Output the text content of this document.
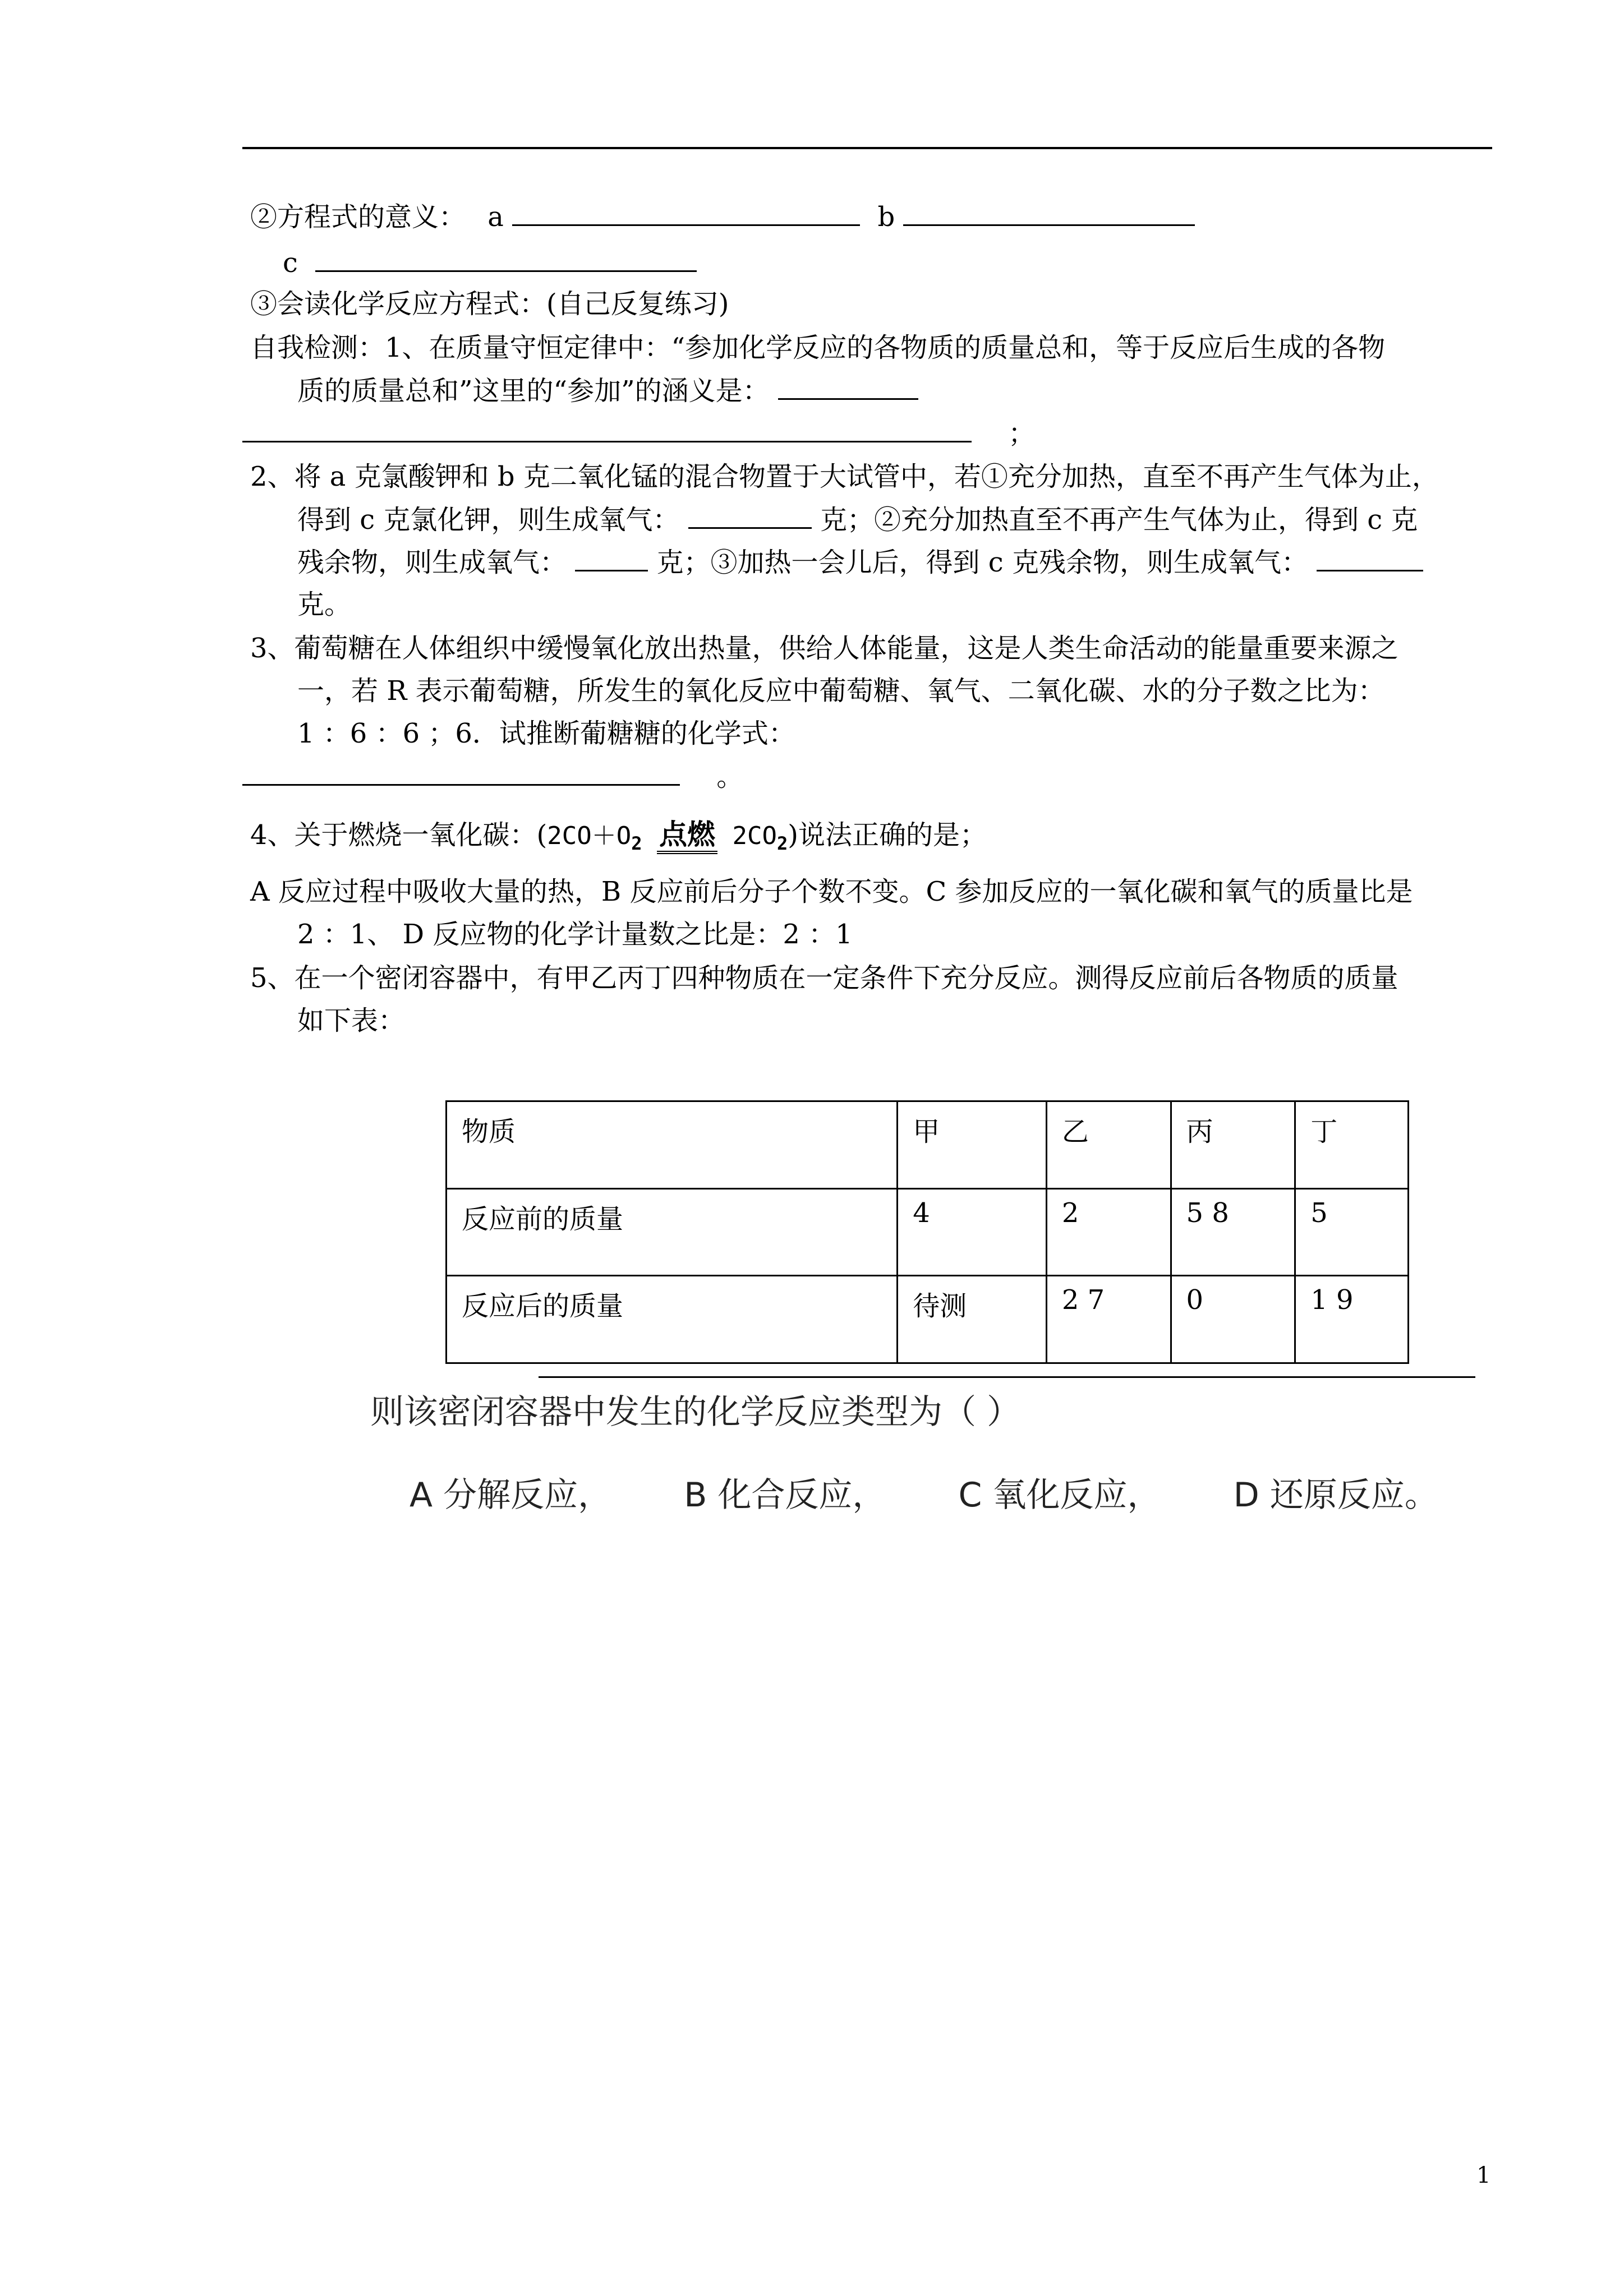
②方程式的意义： a	b
c
③会读化学反应方程式：(自己反复练习)
自我检测：1、在质量守恒定律中：“参加化学反应的各物质的质量总和，等于反应后生成的各物
质的质量总和”这里的“参加”的涵义是：
；
2、将 a 克氯酸钾和 b 克二氧化锰的混合物置于大试管中，若①充分加热，直至不再产生气体为止，
得到 c 克氯化钾，则生成氧气：	克；②充分加热直至不再产生气体为止，得到 c 克
残余物，则生成氧气：	克；③加热一会儿后，得到 c 克残余物，则生成氧气：
克。
3、葡萄糖在人体组织中缓慢氧化放出热量，供给人体能量，这是人类生命活动的能量重要来源之
一，若 R 表示葡萄糖，所发生的氧化反应中葡萄糖、氧气、二氧化碳、水的分子数之比为：
1 ：6 ：6 ；6．试推断葡糖糖的化学式：
。
4、关于燃烧一氧化碳：($2CO+O_2$ 点燃 $2CO_2$)说法正确的是；
A 反应过程中吸收大量的热，B 反应前后分子个数不变。C 参加反应的一氧化碳和氧气的质量比是
2 ：1、 D 反应物的化学计量数之比是：2 ：1
5、在一个密闭容器中，有甲乙丙丁四种物质在一定条件下充分反应。测得反应前后各物质的质量
如下表：
物质	甲	乙	丙	丁
反应前的质量	4	2	5 8	5
反应后的质量	待测	2 7	0	1 9
则该密闭容器中发生的化学反应类型为（ ）
A 分解反应， B 化合反应， C 氧化反应， D 还原反应。
1
